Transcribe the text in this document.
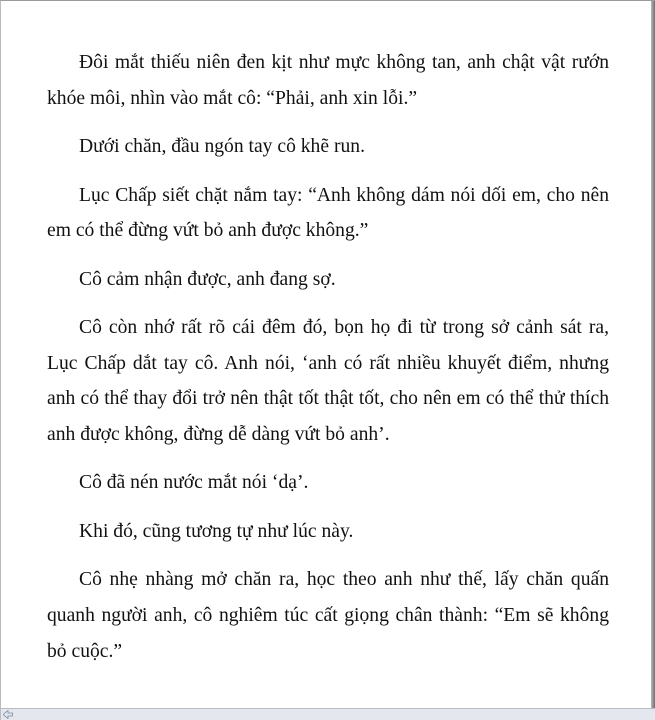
Đôi mắt thiếu niên đen kịt như mực không tan, anh chật vật rướn khóe môi, nhìn vào mắt cô: “Phải, anh xin lỗi.”

Dưới chăn, đầu ngón tay cô khẽ run.

Lục Chấp siết chặt nắm tay: “Anh không dám nói dối em, cho nên em có thể đừng vứt bỏ anh được không.”

Cô cảm nhận được, anh đang sợ.

Cô còn nhớ rất rõ cái đêm đó, bọn họ đi từ trong sở cảnh sát ra, Lục Chấp dắt tay cô. Anh nói, ‘anh có rất nhiều khuyết điểm, nhưng anh có thể thay đổi trở nên thật tốt thật tốt, cho nên em có thể thử thích anh được không, đừng dễ dàng vứt bỏ anh’.

Cô đã nén nước mắt nói ‘dạ’.

Khi đó, cũng tương tự như lúc này.

Cô nhẹ nhàng mở chăn ra, học theo anh như thế, lấy chăn quấn quanh người anh, cô nghiêm túc cất giọng chân thành: “Em sẽ không bỏ cuộc.”
